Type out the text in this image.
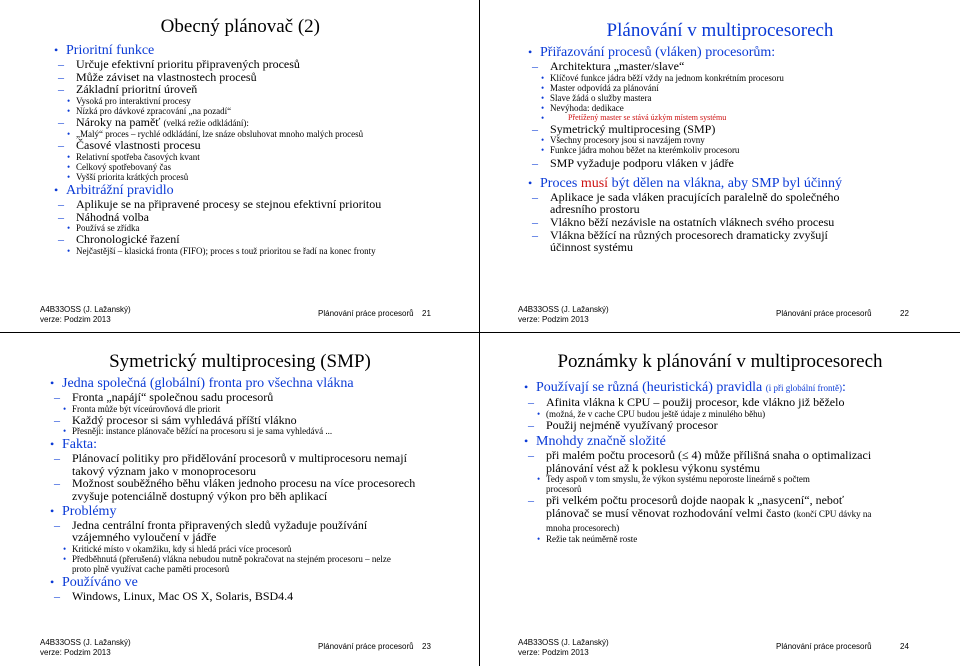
Obecný plánovač (2)
• Prioritní funkce
– Určuje efektivní prioritu připravených procesů
– Může záviset na vlastnostech procesů
– Základní prioritní úroveň
• Vysoká pro interaktivní procesy
• Nízká pro dávkové zpracování „na pozadí“
– Nároky na paměť (velká režie odkládání):
• „Malý“ proces – rychlé odkládání, lze snáze obsluhovat mnoho malých procesů
– Časové vlastnosti procesu
• Relativní spotřeba časových kvant
• Celkový spotřebovaný čas
• Vyšší priorita krátkých procesů
• Arbitrážní pravidlo
– Aplikuje se na připravené procesy se stejnou efektivní prioritou
– Náhodná volba
• Používá se zřídka
– Chronologické řazení
• Nejčastější – klasická fronta (FIFO); proces s touž prioritou se řadí na konec fronty
A4B33OSS (J. Lažanský)
verze: Podzim 2013
Plánování práce procesorů 21
Plánování v multiprocesorech
• Přiřazování procesů (vláken) procesorům:
– Architektura „master/slave“
• Klíčové funkce jádra běží vždy na jednom konkrétním procesoru
• Master odpovídá za plánování
• Slave žádá o služby mastera
• Nevýhoda: dedikace
• Přetížený master se stává úzkým místem systému
– Symetrický multiprocesing (SMP)
• Všechny procesory jsou si navzájem rovny
• Funkce jádra mohou běžet na kterémkoliv procesoru
– SMP vyžaduje podporu vláken v jádře
• Proces musí být dělen na vlákna, aby SMP byl účinný
– Aplikace je sada vláken pracujících paralelně do společného adresního prostoru
– Vlákno běží nezávisle na ostatních vláknech svého procesu
– Vlákna běžící na různých procesorech dramaticky zvyšují účinnost systému
A4B33OSS (J. Lažanský)
verze: Podzim 2013
Plánování práce procesorů	22
Symetrický multiprocesing (SMP)
• Jedna společná (globální) fronta pro všechna vlákna
– Fronta „napájí“ společnou sadu procesorů
• Fronta může být víceúrovňová dle priorit
– Každý procesor si sám vyhledává příští vlákno
• Přesněji: instance plánovače běžící na procesoru si je sama vyhledává ...
• Fakta:
– Plánovací politiky pro přidělování procesorů v multiprocesoru nemají takový význam jako v monoprocesoru
– Možnost souběžného běhu vláken jednoho procesu na více procesorech zvyšuje potenciálně dostupný výkon pro běh aplikací
• Problémy
– Jedna centrální fronta připravených sledů vyžaduje používání vzájemného vyloučení v jádře
• Kritické místo v okamžiku, kdy si hledá práci více procesorů
• Předběhnutá (přerušená) vlákna nebudou nutně pokračovat na stejném procesoru – nelze proto plně využívat cache paměti procesorů
• Používáno ve
– Windows, Linux, Mac OS X, Solaris, BSD4.4
A4B33OSS (J. Lažanský)
verze: Podzim 2013
Plánování práce procesorů 23
Poznámky k plánování v multiprocesorech
• Používají se různá (heuristická) pravidla (i při globální frontě):
– Afinita vlákna k CPU – použij procesor, kde vlákno již běželo
• (možná, že v cache CPU budou ještě údaje z minulého běhu)
– Použij nejméně využívaný procesor
• Mnohdy značně složité
– při malém počtu procesorů (≤ 4) může přílišná snaha o optimalizaci plánování vést až k poklesu výkonu systému
• Tedy aspoň v tom smyslu, že výkon systému neporoste lineárně s počtem procesorů
– při velkém počtu procesorů dojde naopak k „nasycení“, neboť plánovač se musí věnovat rozhodování velmi často (končí CPU dávky na mnoha procesorech)
• Režie tak neúměrně roste
A4B33OSS (J. Lažanský)
verze: Podzim 2013
Plánování práce procesorů	24
